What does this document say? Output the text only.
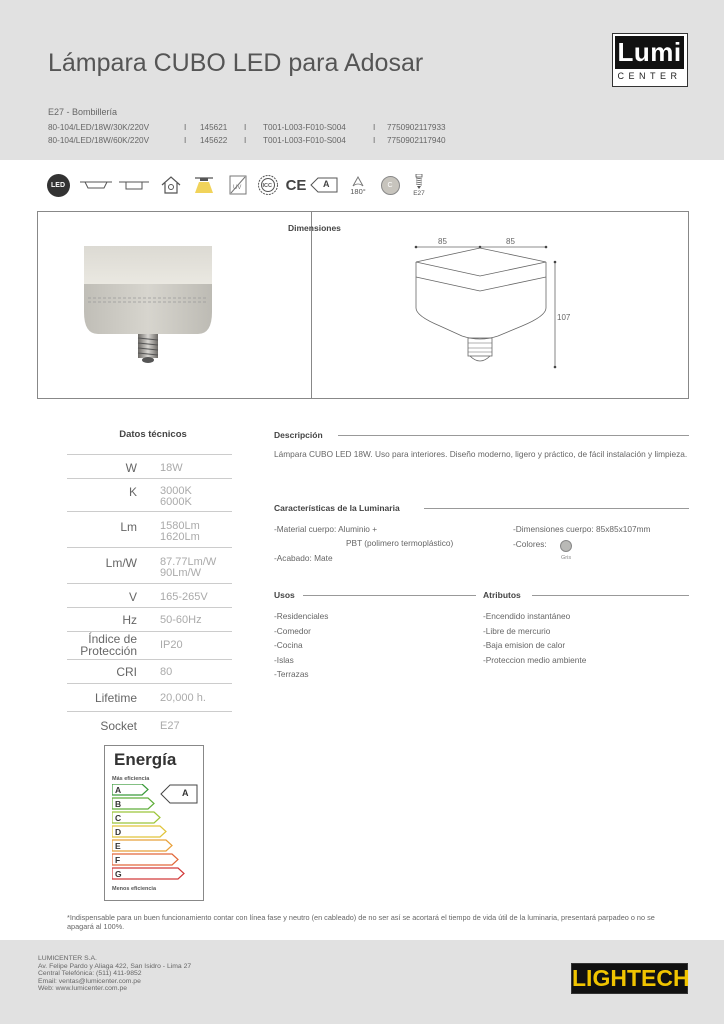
Lámpara CUBO LED para Adosar
E27 - Bombillería
80-104/LED/18W/30K/220V	I 145621 I T001-L003-F010-S004	I 7750902117933
80-104/LED/18W/60K/220V	I 145622 I T001-L003-F010-S004	I 7750902117940
Lumi
CENTER
LED	UV	ICC CE A
180°
C
E27
Dimensiones
85	85
107
Datos técnicos
W 18W
K 3000K
6000K
Lm 1580Lm
1620Lm
Lm/W 87.77Lm/W
90Lm/W
V 165-265V
Hz 50-60Hz
Índice de
Protección IP20
CRI 80
Lifetime 20,000 h.
Socket E27
Descripción
Lámpara CUBO LED 18W. Uso para interiores. Diseño moderno, ligero y práctico, de fácil instalación y limpieza.
Características de la Luminaria
-Material cuerpo: Aluminio +
PBT (polimero termoplástico)
-Acabado: Mate
-Dimensiones cuerpo: 85x85x107mm
-Colores:
Gris
Usos
-Residenciales
-Comedor
-Cocina
-Islas
-Terrazas
Atributos
-Encendido instantáneo
-Libre de mercurio
-Baja emision de calor
-Proteccion medio ambiente
Energía
Más eficiencia
A
B
C
D
E
F
G
Menos eficiencia
A
*Indispensable para un buen funcionamiento contar con línea fase y neutro (en cableado) de no ser así se acortará el tiempo de vida útil de la luminaria, presentará parpadeo o no se apagará al 100%.
LUMICENTER S.A.
Av. Felipe Pardo y Aliaga 422, San Isidro - Lima 27
Central Telefónica: (511) 411-9852
Email: ventas@lumicenter.com.pe
Web: www.lumicenter.com.pe	LIGHTECH
